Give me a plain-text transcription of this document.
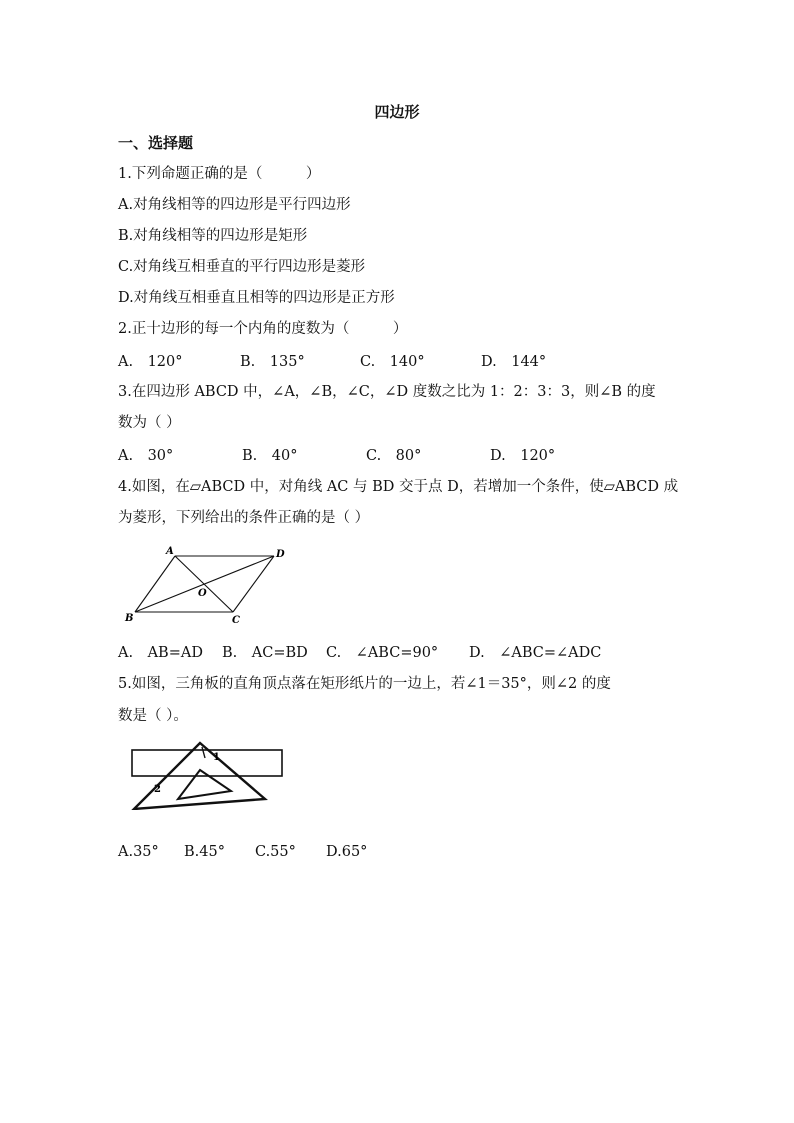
四边形
一、选择题
1.下列命题正确的是（　　　）
A.对角线相等的四边形是平行四边形
B.对角线相等的四边形是矩形
C.对角线互相垂直的平行四边形是菱形
D.对角线互相垂直且相等的四边形是正方形
2.正十边形的每一个内角的度数为（　　　）
A.　120°	B.　135°	C.　140°	D.　144°
3.在四边形 ABCD 中，∠A，∠B，∠C，∠D 度数之比为 1：2：3：3，则∠B 的度
数为（ ）
A.　30°	B.　40°	C.　80°	D.　120°
4.如图，在▱ABCD 中，对角线 AC 与 BD 交于点 D，若增加一个条件，使▱ABCD 成
为菱形，下列给出的条件正确的是（ ）
A	D
O
B	C
A.　AB=AD B.　AC=BD C.　∠ABC=90° D.　∠ABC=∠ADC
5.如图，三角板的直角顶点落在矩形纸片的一边上，若∠1＝35°，则∠2 的度
数是（ ）。
1
2
A.35° B.45° C.55° D.65°
